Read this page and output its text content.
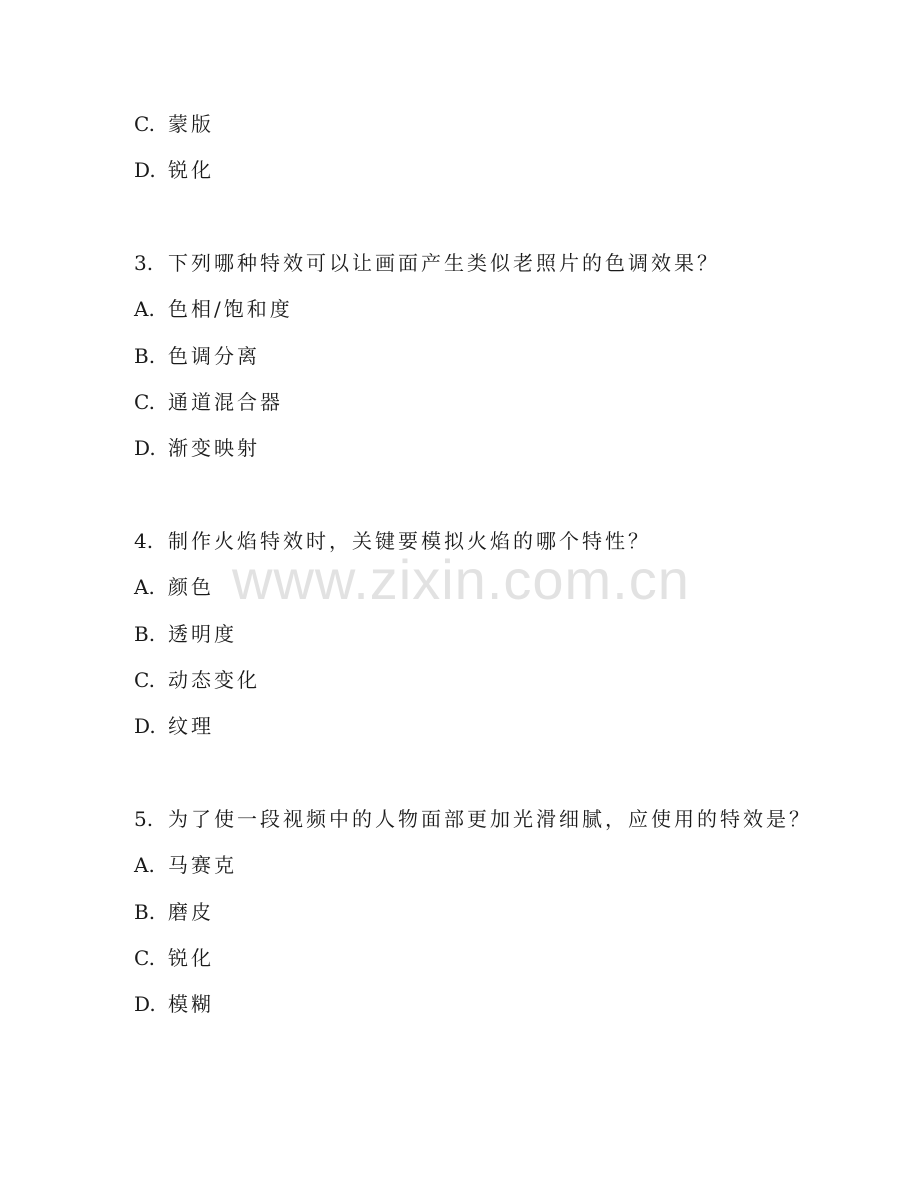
C. 蒙版
D. 锐化
3. 下列哪种特效可以让画面产生类似老照片的色调效果？
A. 色相/饱和度
B. 色调分离
C. 通道混合器
D. 渐变映射
4. 制作火焰特效时，关键要模拟火焰的哪个特性？
A. 颜色
B. 透明度
C. 动态变化
D. 纹理
5. 为了使一段视频中的人物面部更加光滑细腻，应使用的特效是？
A. 马赛克
B. 磨皮
C. 锐化
D. 模糊
www.zixin.com.cn
